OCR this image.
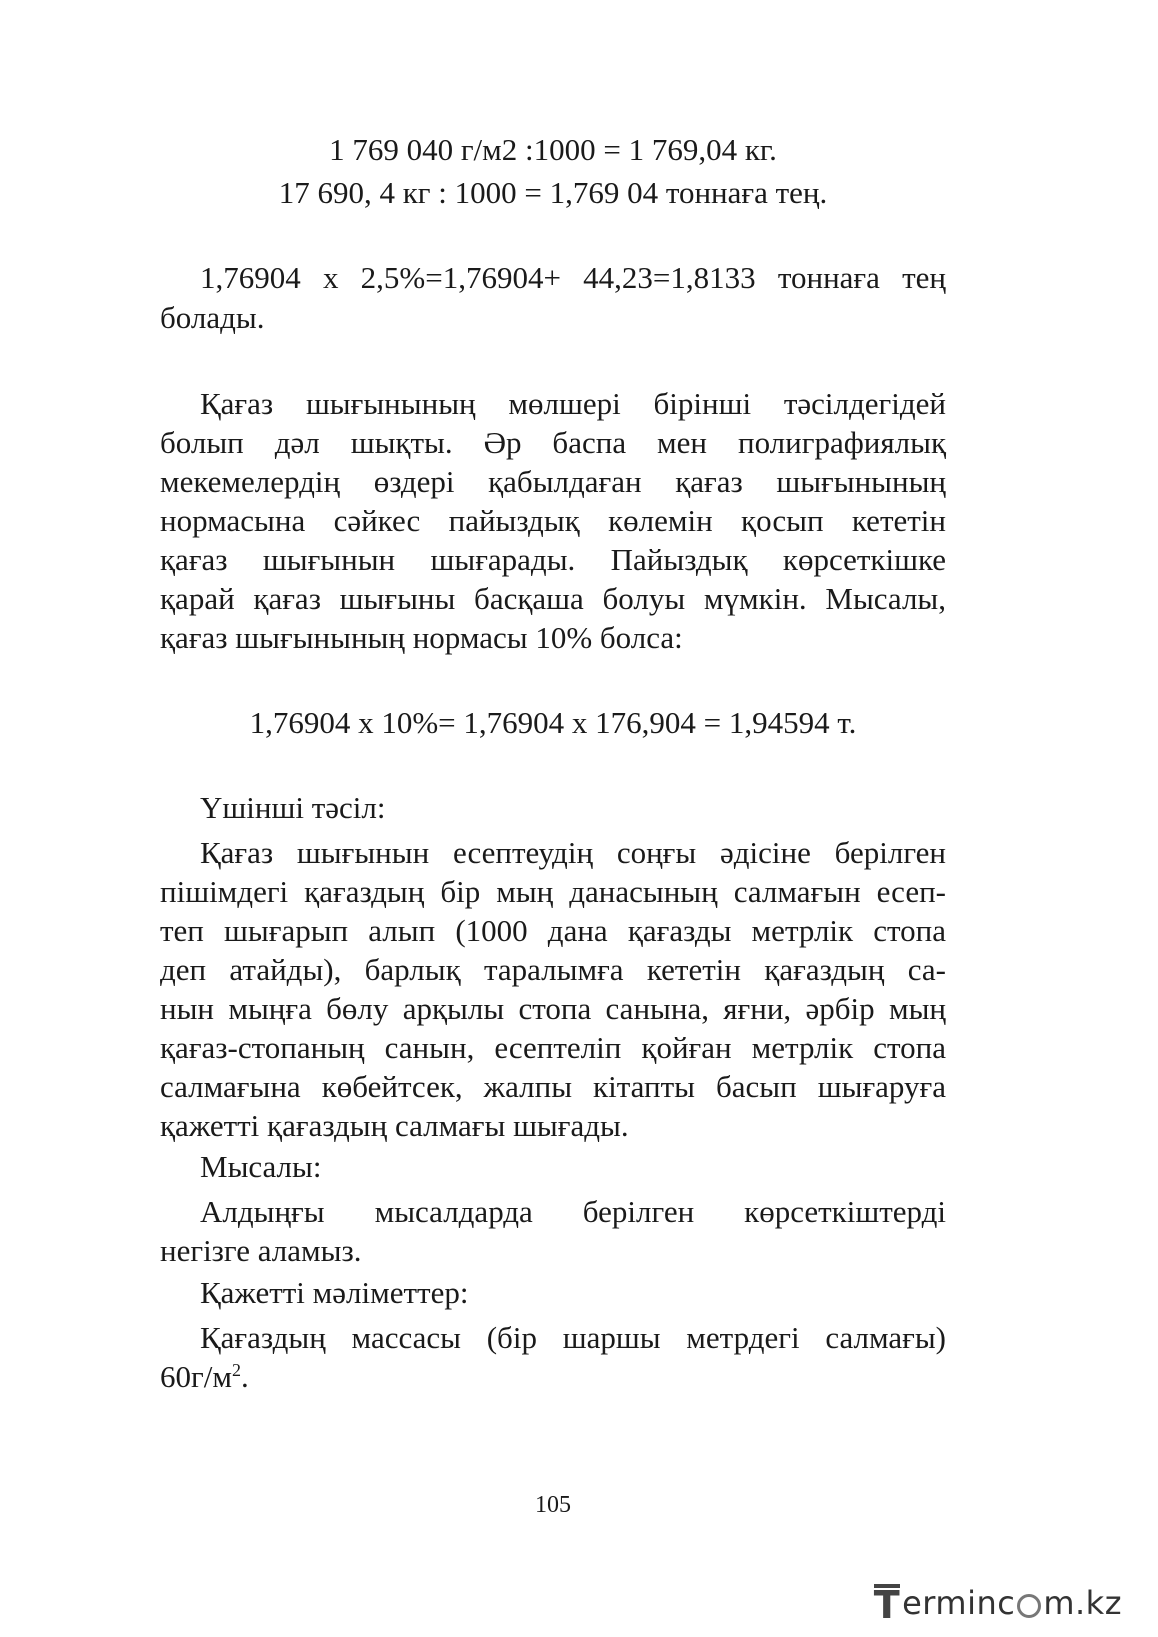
1 769 040 г/м2 :1000 = 1 769,04 кг.
17 690, 4 кг : 1000 = 1,769 04 тоннаға тең.
1,76904 x 2,5%=1,76904+ 44,23=1,8133 тоннаға тең
болады.
Қағаз шығынының мөлшері бірінші тәсілдегідей
болып дәл шықты. Әр баспа мен полиграфиялық
мекемелердің өздері қабылдаған қағаз шығынының
нормасына сәйкес пайыздық көлемін қосып кететін
қағаз шығынын шығарады. Пайыздық көрсеткішке
қарай қағаз шығыны басқаша болуы мүмкін. Мысалы,
қағаз шығынының нормасы 10% болса:
1,76904 x 10%= 1,76904 x 176,904 = 1,94594 т.
Үшінші тәсіл:
Қағаз шығынын есептеудің соңғы әдісіне берілген
пішімдегі қағаздың бір мың данасының салмағын есеп-
теп шығарып алып (1000 дана қағазды метрлік стопа
деп атайды), барлық таралымға кететін қағаздың са-
нын мыңға бөлу арқылы стопа санына, яғни, әрбір мың
қағаз-стопаның санын, есептеліп қойған метрлік стопа
салмағына көбейтсек, жалпы кітапты басып шығаруға
қажетті қағаздың салмағы шығады.
Мысалы:
Алдыңғы мысалдарда берілген көрсеткіштерді
негізге аламыз.
Қажетті мәліметтер:
Қағаздың массасы (бір шаршы метрдегі салмағы)
$60г/м^2$.
105
T erminc m.kz
